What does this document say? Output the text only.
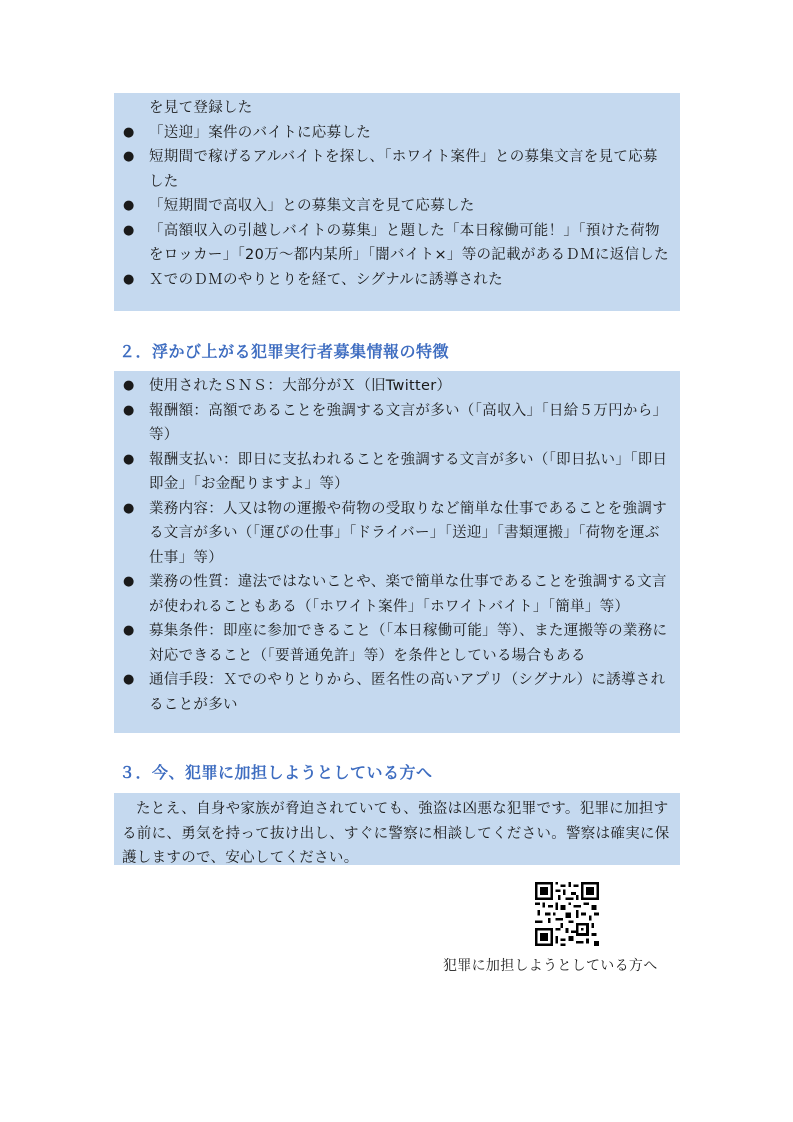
を見て登録した
● 「送迎」案件のバイトに応募した
● 短期間で稼げるアルバイトを探し、「ホワイト案件」との募集文言を見て応募した
● 「短期間で高収入」との募集文言を見て応募した
● 「高額収入の引越しバイトの募集」と題した「本日稼働可能！」「預けた荷物をロッカー」「20万～都内某所」「闇バイト×」等の記載があるＤＭに返信した
● ＸでのＤＭのやりとりを経て、シグナルに誘導された
２．浮かび上がる犯罪実行者募集情報の特徴
● 使用されたＳＮＳ：大部分がＸ（旧Twitter）
● 報酬額：高額であることを強調する文言が多い（「高収入」「日給５万円から」等）
● 報酬支払い：即日に支払われることを強調する文言が多い（「即日払い」「即日即金」「お金配りますよ」等）
● 業務内容：人又は物の運搬や荷物の受取りなど簡単な仕事であることを強調する文言が多い（「運びの仕事」「ドライバー」「送迎」「書類運搬」「荷物を運ぶ仕事」等）
● 業務の性質：違法ではないことや、楽で簡単な仕事であることを強調する文言が使われることもある（「ホワイト案件」「ホワイトバイト」「簡単」等）
● 募集条件：即座に参加できること（「本日稼働可能」等）、また運搬等の業務に対応できること（「要普通免許」等）を条件としている場合もある
● 通信手段：Ｘでのやりとりから、匿名性の高いアプリ（シグナル）に誘導されることが多い
３．今、犯罪に加担しようとしている方へ

たとえ、自身や家族が脅迫されていても、強盗は凶悪な犯罪です。犯罪に加担する前に、勇気を持って抜け出し、すぐに警察に相談してください。警察は確実に保護しますので、安心してください。

犯罪に加担しようとしている方へ
